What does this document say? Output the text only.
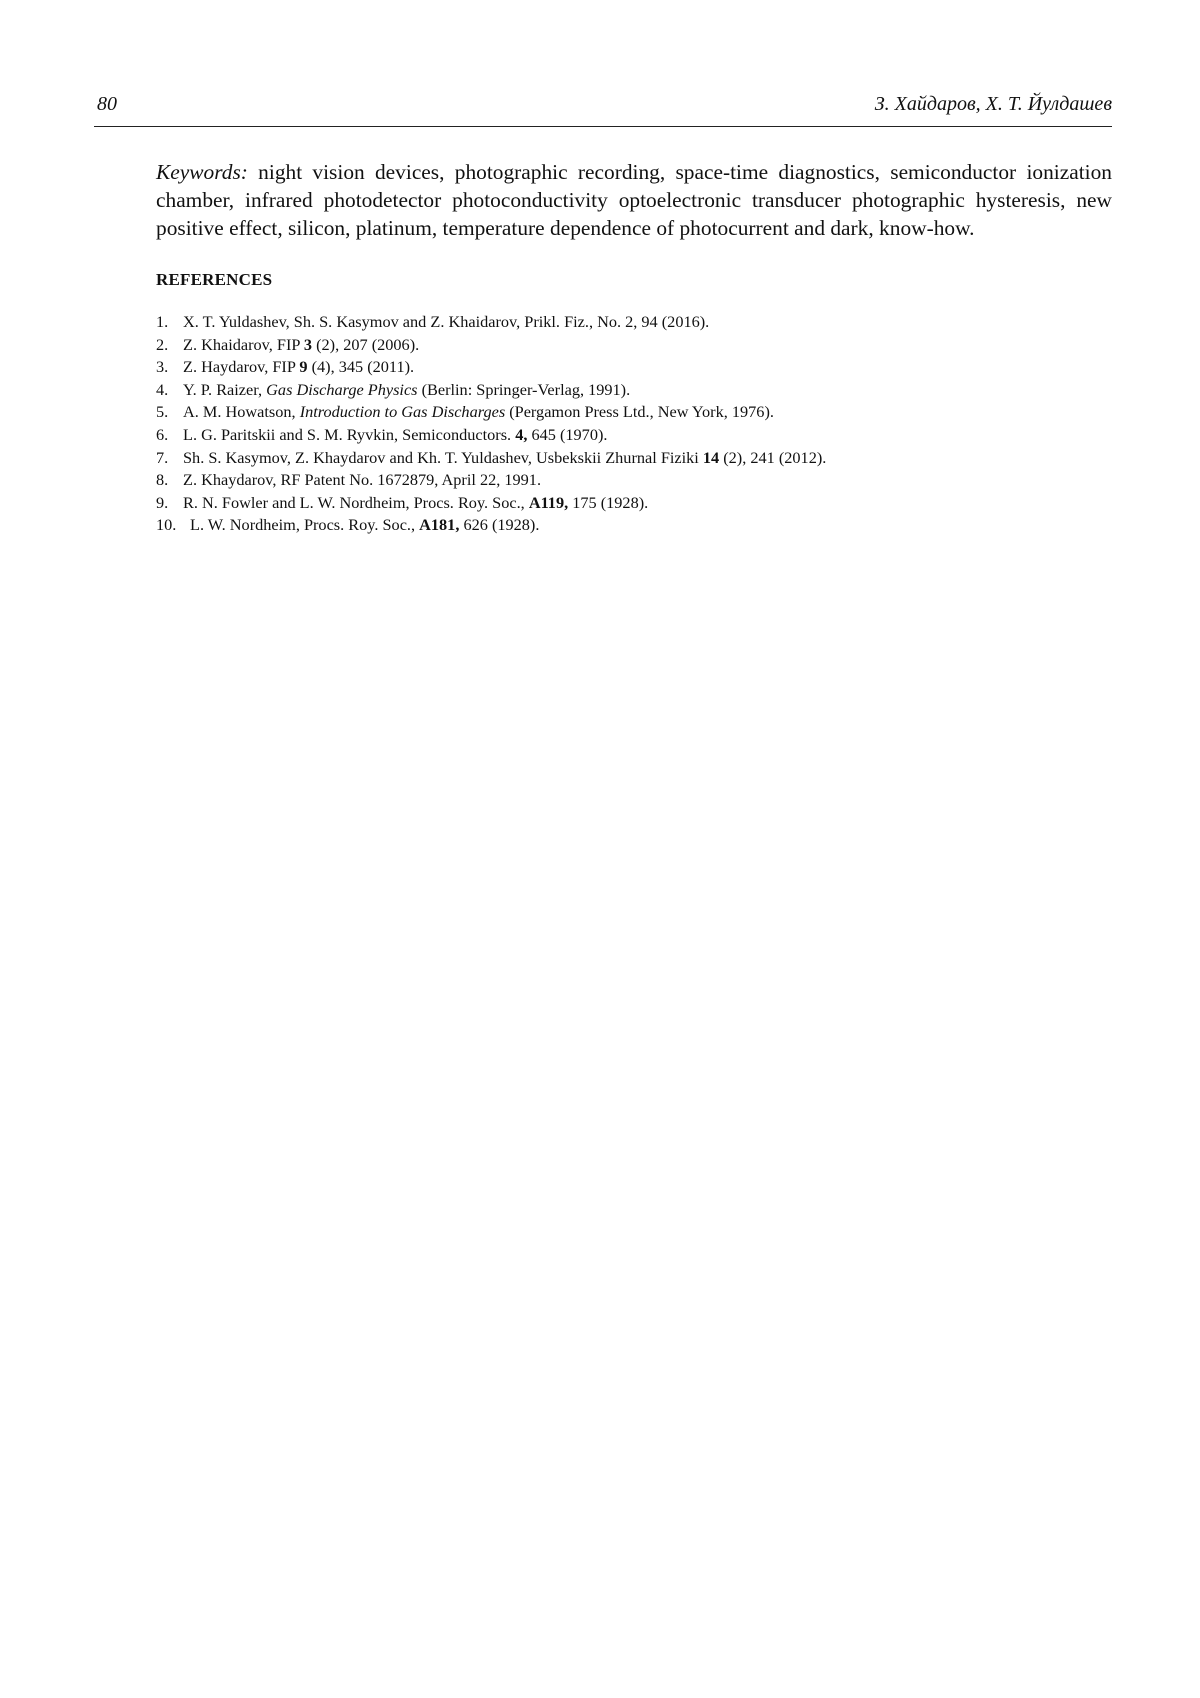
80	З. Хайдаров, Х. Т. Йулдашев

Keywords: night vision devices, photographic recording, space-time diagnostics, semiconductor ionization chamber, infrared photodetector photoconductivity optoelectronic transducer photographic hysteresis, new positive effect, silicon, platinum, temperature dependence of photocurrent and dark, know-how.

REFERENCES
1. X. T. Yuldashev, Sh. S. Kasymov and Z. Khaidarov, Prikl. Fiz., No. 2, 94 (2016).
2. Z. Khaidarov, FIP 3 (2), 207 (2006).
3. Z. Haydarov, FIP 9 (4), 345 (2011).
4. Y. P. Raizer, Gas Discharge Physics (Berlin: Springer-Verlag, 1991).
5. A. M. Howatson, Introduction to Gas Discharges (Pergamon Press Ltd., New York, 1976).
6. L. G. Paritskii and S. M. Ryvkin, Semiconductors. 4, 645 (1970).
7. Sh. S. Kasymov, Z. Khaydarov and Kh. T. Yuldashev, Usbekskii Zhurnal Fiziki 14 (2), 241 (2012).
8. Z. Khaydarov, RF Patent No. 1672879, April 22, 1991.
9. R. N. Fowler and L. W. Nordheim, Procs. Roy. Soc., A119, 175 (1928).
10. L. W. Nordheim, Procs. Roy. Soc., A181, 626 (1928).
